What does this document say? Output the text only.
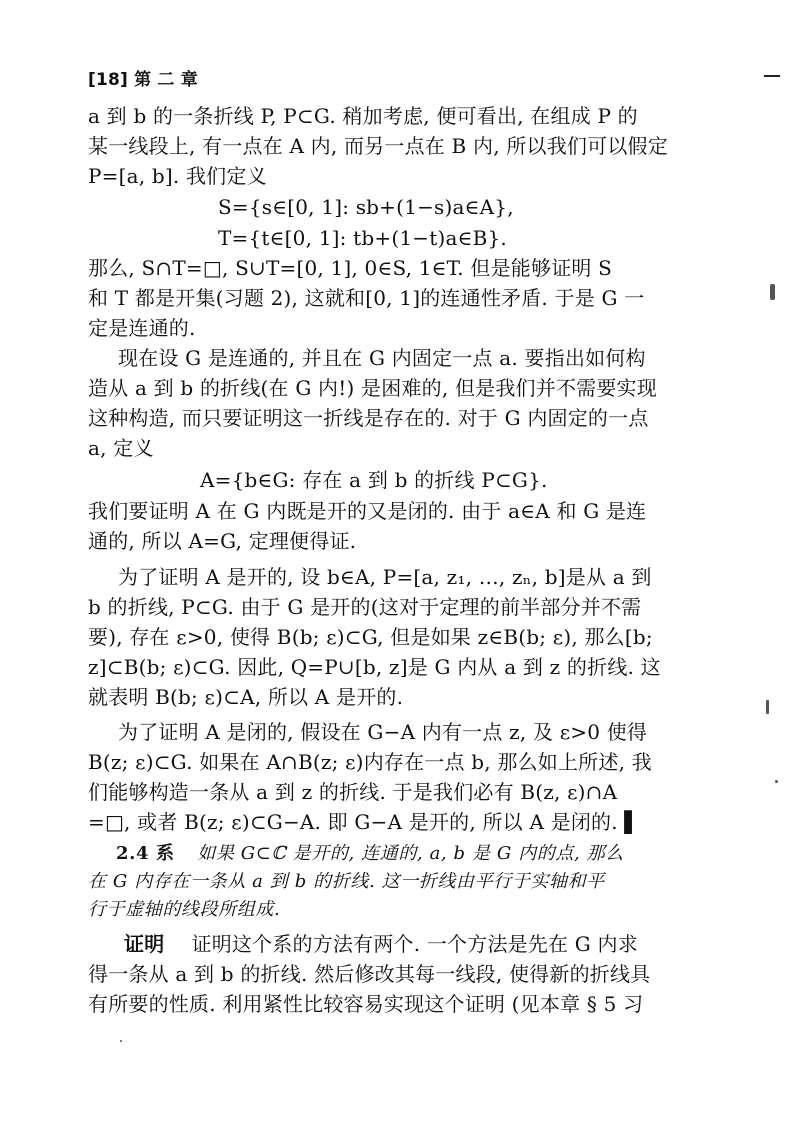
[18] 第 二 章
a 到 b 的一条折线 P, P⊂G. 稍加考虑, 便可看出, 在组成 P 的
某一线段上, 有一点在 A 内, 而另一点在 B 内, 所以我们可以假定
P=[a, b]. 我们定义
S={s∈[0, 1]: sb+(1−s)a∈A},
T={t∈[0, 1]: tb+(1−t)a∈B}.
那么, S∩T=□, S∪T=[0, 1], 0∈S, 1∈T. 但是能够证明 S
和 T 都是开集(习题 2), 这就和[0, 1]的连通性矛盾. 于是 G 一
定是连通的.
现在设 G 是连通的, 并且在 G 内固定一点 a. 要指出如何构
造从 a 到 b 的折线(在 G 内!) 是困难的, 但是我们并不需要实现
这种构造, 而只要证明这一折线是存在的. 对于 G 内固定的一点
a, 定义
A={b∈G: 存在 a 到 b 的折线 P⊂G}.
我们要证明 A 在 G 内既是开的又是闭的. 由于 a∈A 和 G 是连
通的, 所以 A=G, 定理便得证.
为了证明 A 是开的, 设 b∈A, P=[a, z₁, …, zₙ, b]是从 a 到
b 的折线, P⊂G. 由于 G 是开的(这对于定理的前半部分并不需
要), 存在 ε>0, 使得 B(b; ε)⊂G, 但是如果 z∈B(b; ε), 那么[b;
z]⊂B(b; ε)⊂G. 因此, Q=P∪[b, z]是 G 内从 a 到 z 的折线. 这
就表明 B(b; ε)⊂A, 所以 A 是开的.
为了证明 A 是闭的, 假设在 G−A 内有一点 z, 及 ε>0 使得
B(z; ε)⊂G. 如果在 A∩B(z; ε)内存在一点 b, 那么如上所述, 我
们能够构造一条从 a 到 z 的折线. 于是我们必有 B(z, ε)∩A
=□, 或者 B(z; ε)⊂G−A. 即 G−A 是开的, 所以 A 是闭的. ▌
2.4 系 如果 G⊂ℂ 是开的, 连通的, a, b 是 G 内的点, 那么
在 G 内存在一条从 a 到 b 的折线. 这一折线由平行于实轴和平
行于虚轴的线段所组成.
证明 证明这个系的方法有两个. 一个方法是先在 G 内求
得一条从 a 到 b 的折线. 然后修改其每一线段, 使得新的折线具
有所要的性质. 利用紧性比较容易实现这个证明 (见本章 § 5 习
